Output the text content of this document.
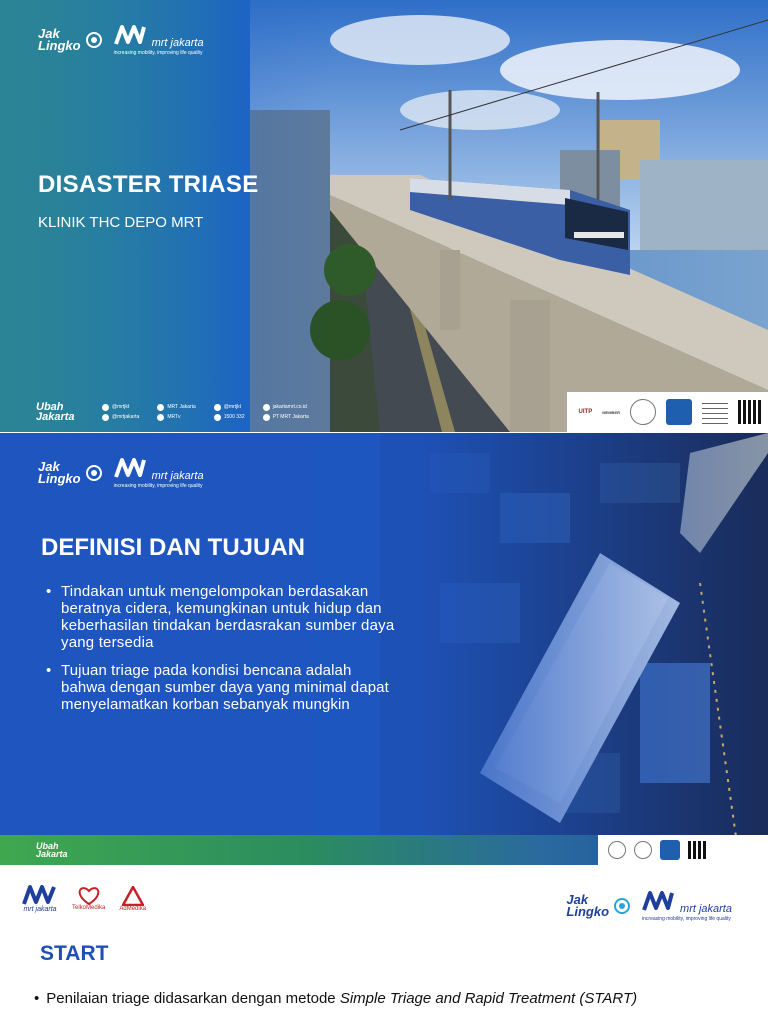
Jak
Lingko	mrt jakarta
increasing mobility, improving life quality
DISASTER TRIASE
KLINIK THC DEPO MRT
Ubah
Jakarta
@mrtjkt	MRT Jakarta	@mrtjkt	jakartamrt.co.id
@mrtjakarta	MRTv	1500 332	PT MRT Jakarta
UITP	MEMBER
Jak
Lingko	mrt jakarta
increasing mobility, improving life quality
DEFINISI DAN TUJUAN
• Tindakan untuk mengelompokan berdasakan beratnya cidera, kemungkinan untuk hidup dan keberhasilan tindakan berdasrakan sumber daya yang tersedia
• Tujuan triage pada kondisi bencana adalah bahwa dengan sumber daya yang minimal dapat menyelamatkan korban sebanyak mungkin
Ubah
Jakarta
mrt jakarta	TelkoMedika AdMedika
Jak
Lingko	mrt jakarta
increasing mobility, improving life quality
START
• Penilaian triage didasarkan dengan metode Simple Triage and Rapid Treatment (START)
